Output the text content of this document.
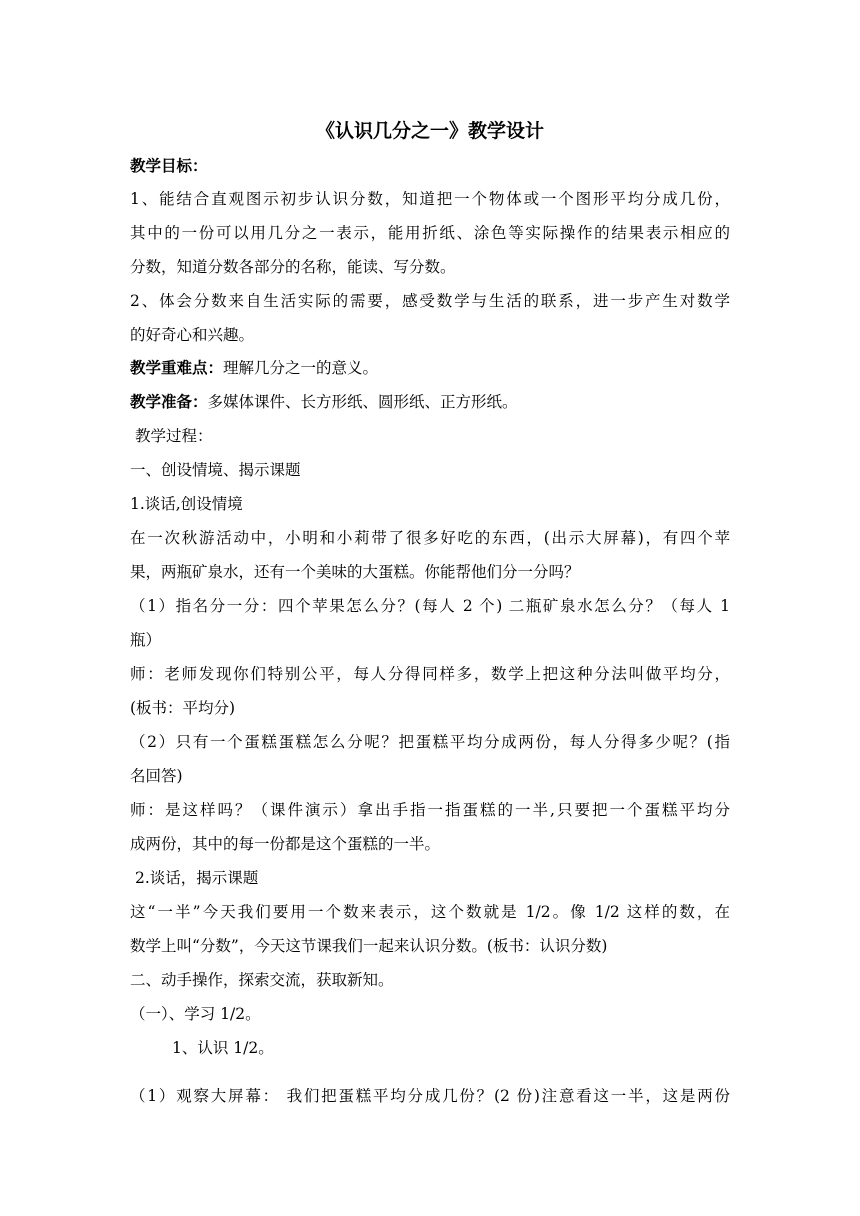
《认识几分之一》教学设计
教学目标：
1、能结合直观图示初步认识分数，知道把一个物体或一个图形平均分成几份，
其中的一份可以用几分之一表示，能用折纸、涂色等实际操作的结果表示相应的
分数，知道分数各部分的名称，能读、写分数。
2、体会分数来自生活实际的需要，感受数学与生活的联系，进一步产生对数学
的好奇心和兴趣。
教学重难点：理解几分之一的意义。
教学准备：多媒体课件、长方形纸、圆形纸、正方形纸。
教学过程：
一、创设情境、揭示课题
1.谈话,创设情境
在一次秋游活动中，小明和小莉带了很多好吃的东西，(出示大屏幕)，有四个苹
果，两瓶矿泉水，还有一个美味的大蛋糕。你能帮他们分一分吗？
（1）指名分一分：四个苹果怎么分？(每人 2 个) 二瓶矿泉水怎么分？（每人 1
瓶）
师：老师发现你们特别公平，每人分得同样多，数学上把这种分法叫做平均分，
(板书：平均分)
（2）只有一个蛋糕蛋糕怎么分呢？把蛋糕平均分成两份，每人分得多少呢？(指
名回答)
师：是这样吗？（课件演示）拿出手指一指蛋糕的一半,只要把一个蛋糕平均分
成两份，其中的每一份都是这个蛋糕的一半。
2.谈话，揭示课题
这“一半”今天我们要用一个数来表示，这个数就是 1/2。像 1/2 这样的数，在
数学上叫“分数”，今天这节课我们一起来认识分数。(板书：认识分数)
二、动手操作，探索交流，获取新知。
（一）、学习 1/2。
1、认识 1/2。
（1）观察大屏幕： 我们把蛋糕平均分成几份？(2 份)注意看这一半，这是两份
